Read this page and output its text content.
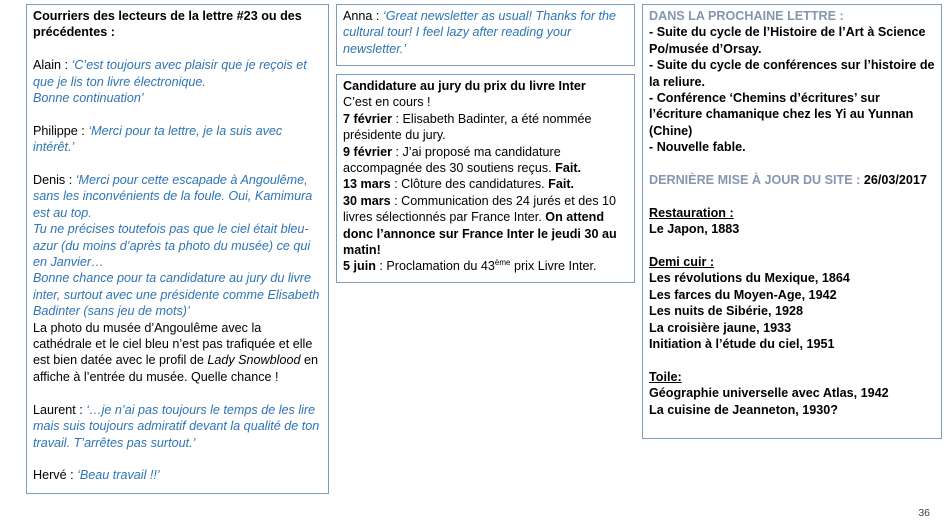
Courriers des lecteurs de la lettre #23 ou des précédentes :

Alain : ‘C’est toujours avec plaisir que je reçois et que je lis ton livre électronique.

Bonne continuation’

Philippe : ‘Merci pour ta lettre, je la suis avec intérêt.’

Denis : ‘Merci pour cette escapade à Angoulême, sans les inconvénients de la foule. Oui, Kamimura est au top.

Tu ne précises toutefois pas que le ciel était bleu-azur (du moins d’après ta photo du musée) ce qui en Janvier…

Bonne chance pour ta candidature au jury du livre inter, surtout avec une présidente comme Elisabeth Badinter (sans jeu de mots)’

La photo du musée d’Angoulême avec la cathédrale et le ciel bleu n’est pas trafiquée et elle est bien datée avec le profil de Lady Snowblood en affiche à l’entrée du musée. Quelle chance !

Laurent : ‘…je n’ai pas toujours le temps de les lire mais suis toujours admiratif devant la qualité de ton travail. T’arrêtes pas surtout.’

Hervé : ‘Beau travail !!’

Anna : ‘Great newsletter as usual! Thanks for the cultural tour! I feel lazy after reading your newsletter.’

Candidature au jury du prix du livre Inter

C’est en cours !

7 février : Elisabeth Badinter, a été nommée présidente du jury.

9 février : J’ai proposé ma candidature accompagnée des 30 soutiens reçus. Fait.

13 mars : Clôture des candidatures. Fait.

30 mars : Communication des 24 jurés et des 10 livres sélectionnés par France Inter. On attend donc l’annonce sur France Inter le jeudi 30 au matin!

5 juin : Proclamation du 43ème prix Livre Inter.

DANS LA PROCHAINE LETTRE :

- Suite du cycle de l’Histoire de l’Art à Science Po/musée d’Orsay.

- Suite du cycle de conférences sur l’histoire de la reliure.

- Conférence ‘Chemins d’écritures’ sur l’écriture chamanique chez les Yi au Yunnan (Chine)

- Nouvelle fable.

DERNIÈRE MISE À JOUR DU SITE : 26/03/2017

Restauration :

Le Japon, 1883

Demi cuir :

Les révolutions du Mexique, 1864

Les farces du Moyen-Age, 1942

Les nuits de Sibérie, 1928

La croisière jaune, 1933

Initiation à l’étude du ciel, 1951

Toile:

Géographie universelle avec Atlas, 1942

La cuisine de Jeanneton, 1930?

36
